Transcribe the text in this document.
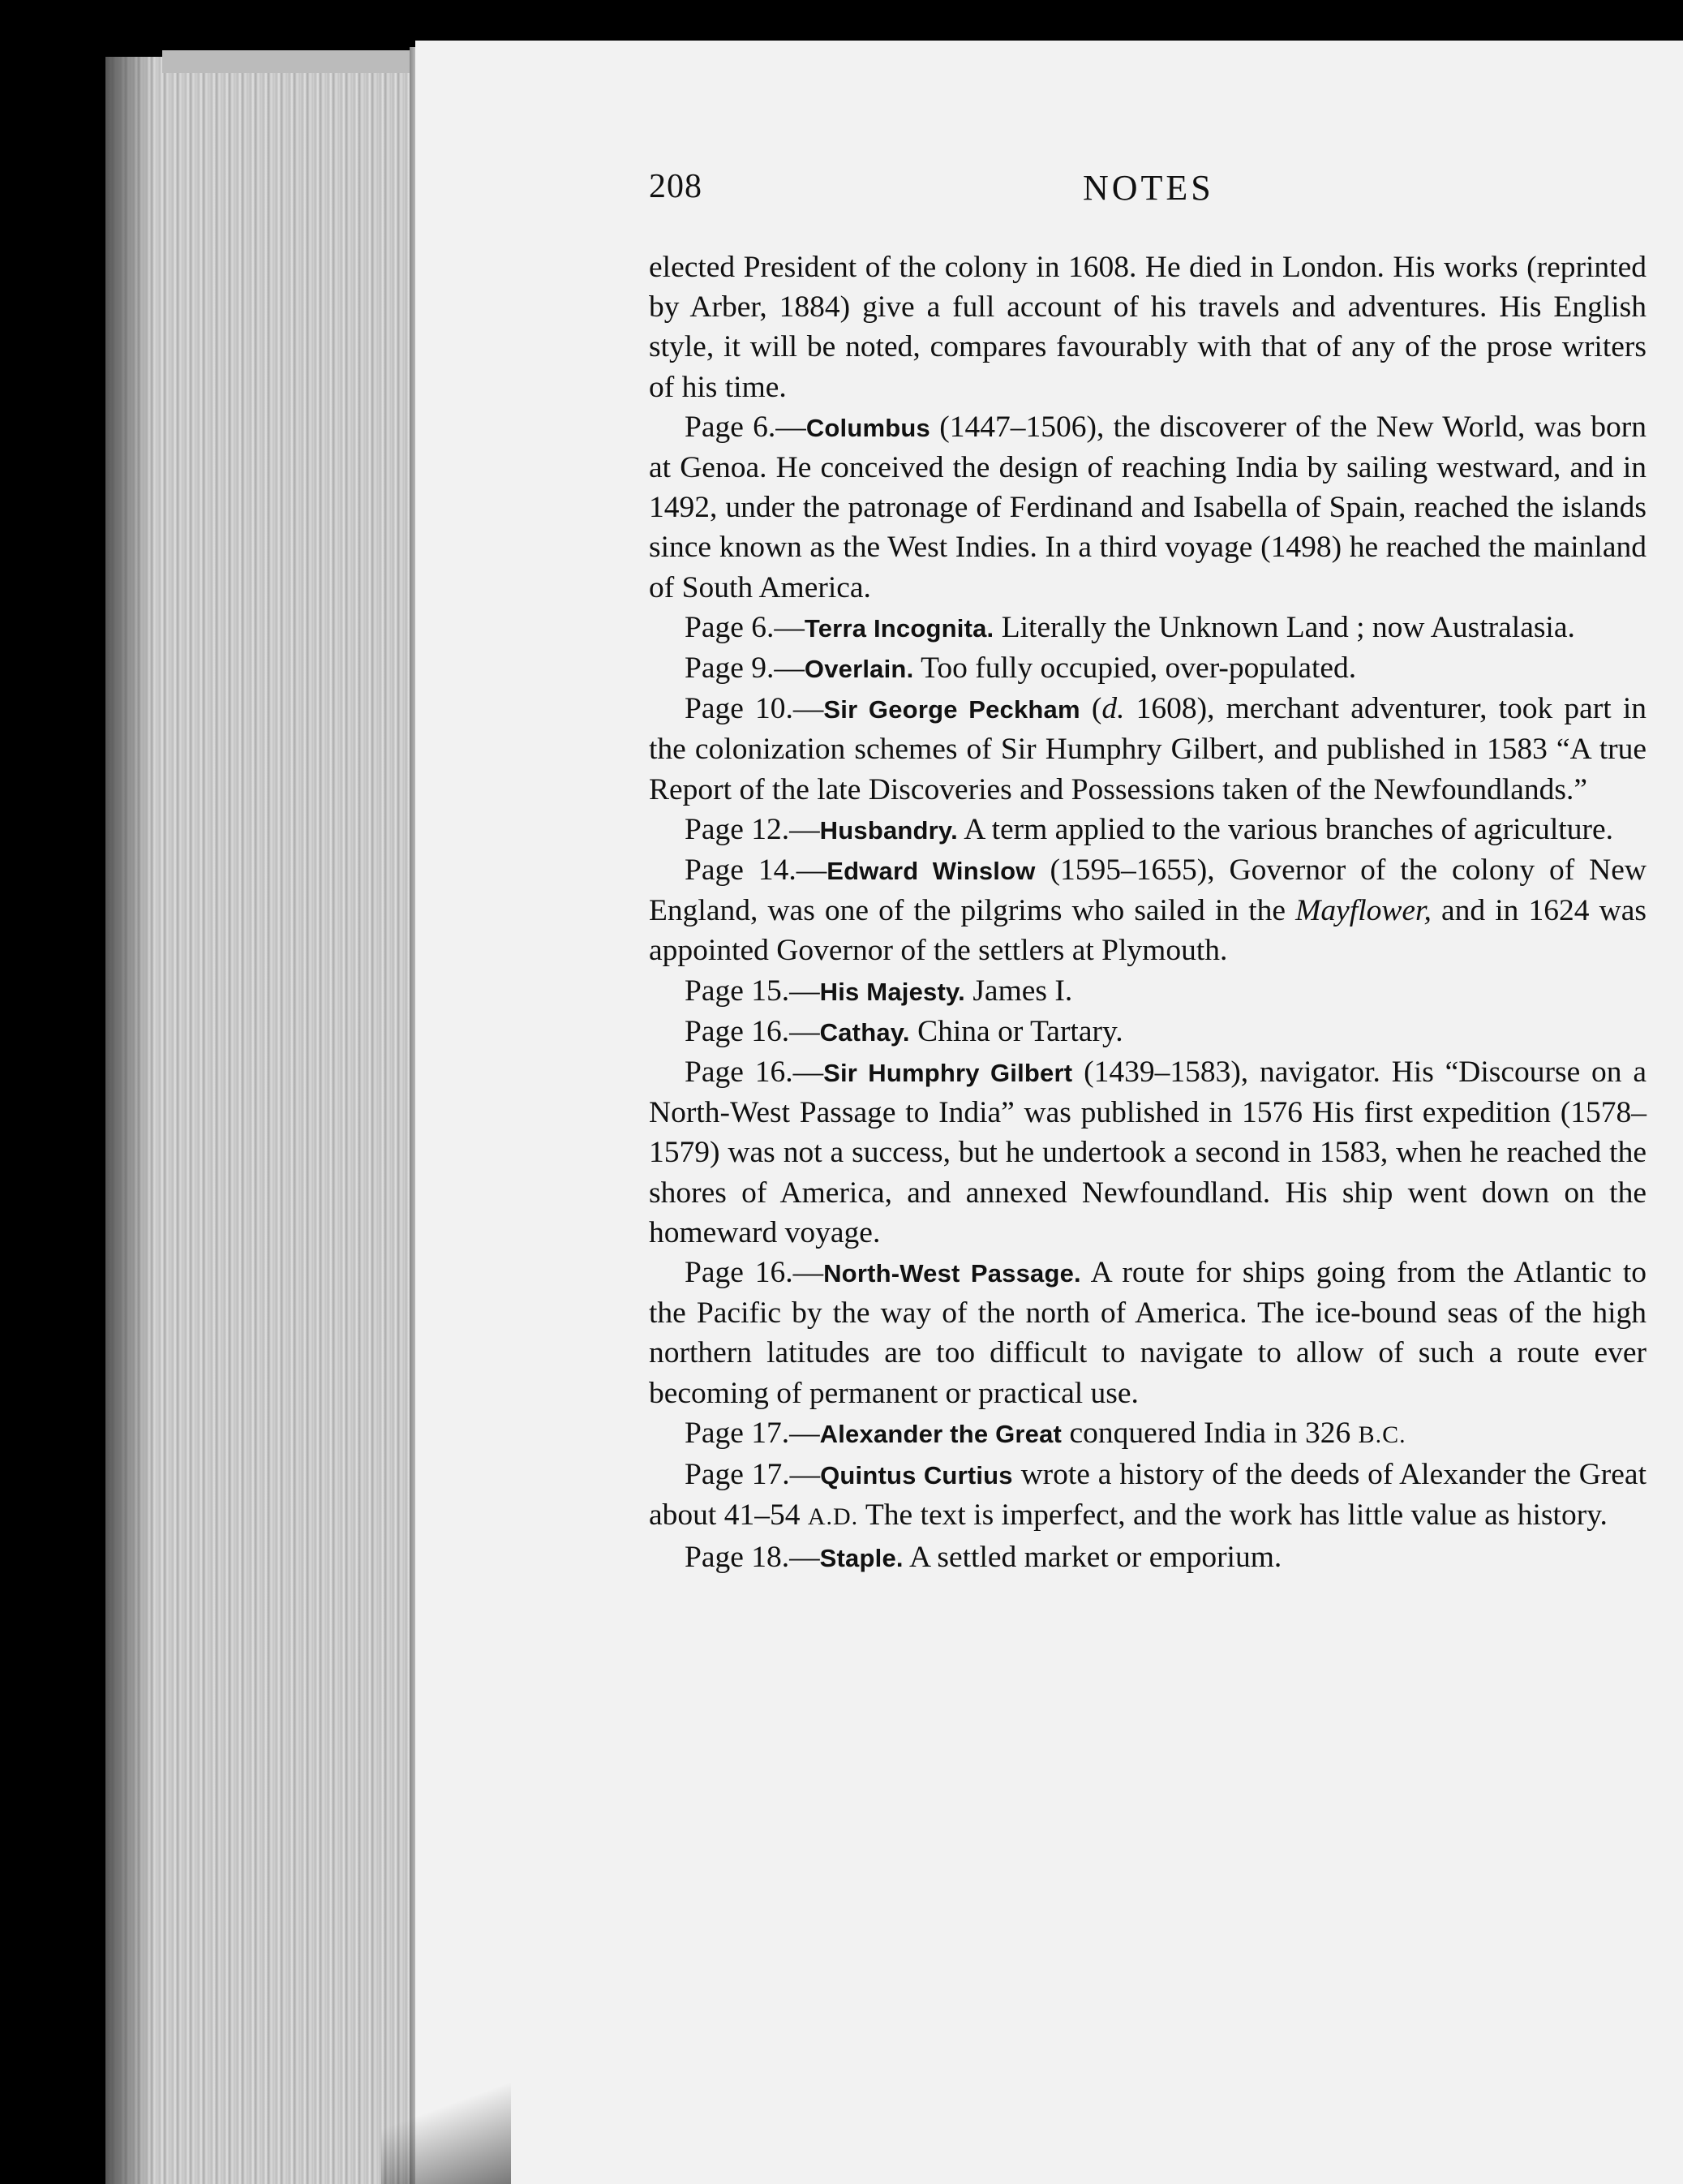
208	NOTES

elected President of the colony in 1608. He died in London. His works (reprinted by Arber, 1884) give a full account of his travels and adventures. His English style, it will be noted, compares favourably with that of any of the prose writers of his time.

Page 6.—Columbus (1447–1506), the discoverer of the New World, was born at Genoa. He conceived the design of reaching India by sailing westward, and in 1492, under the patronage of Ferdinand and Isabella of Spain, reached the islands since known as the West Indies. In a third voyage (1498) he reached the mainland of South America.

Page 6.—Terra Incognita. Literally the Unknown Land ; now Australasia.

Page 9.—Overlain. Too fully occupied, over-populated.

Page 10.—Sir George Peckham (d. 1608), merchant adventurer, took part in the colonization schemes of Sir Humphry Gilbert, and published in 1583 “A true Report of the late Discoveries and Possessions taken of the Newfoundlands.”

Page 12.—Husbandry. A term applied to the various branches of agriculture.

Page 14.—Edward Winslow (1595–1655), Governor of the colony of New England, was one of the pilgrims who sailed in the Mayflower, and in 1624 was appointed Governor of the settlers at Plymouth.

Page 15.—His Majesty. James I.

Page 16.—Cathay. China or Tartary.

Page 16.—Sir Humphry Gilbert (1439–1583), navigator. His “Discourse on a North-West Passage to India” was published in 1576 His first expedition (1578–1579) was not a success, but he undertook a second in 1583, when he reached the shores of America, and annexed Newfoundland. His ship went down on the homeward voyage.

Page 16.—North-West Passage. A route for ships going from the Atlantic to the Pacific by the way of the north of America. The ice-bound seas of the high northern latitudes are too difficult to navigate to allow of such a route ever becoming of permanent or practical use.

Page 17.—Alexander the Great conquered India in 326 B.C.

Page 17.—Quintus Curtius wrote a history of the deeds of Alexander the Great about 41–54 A.D. The text is imperfect, and the work has little value as history.

Page 18.—Staple. A settled market or emporium.
